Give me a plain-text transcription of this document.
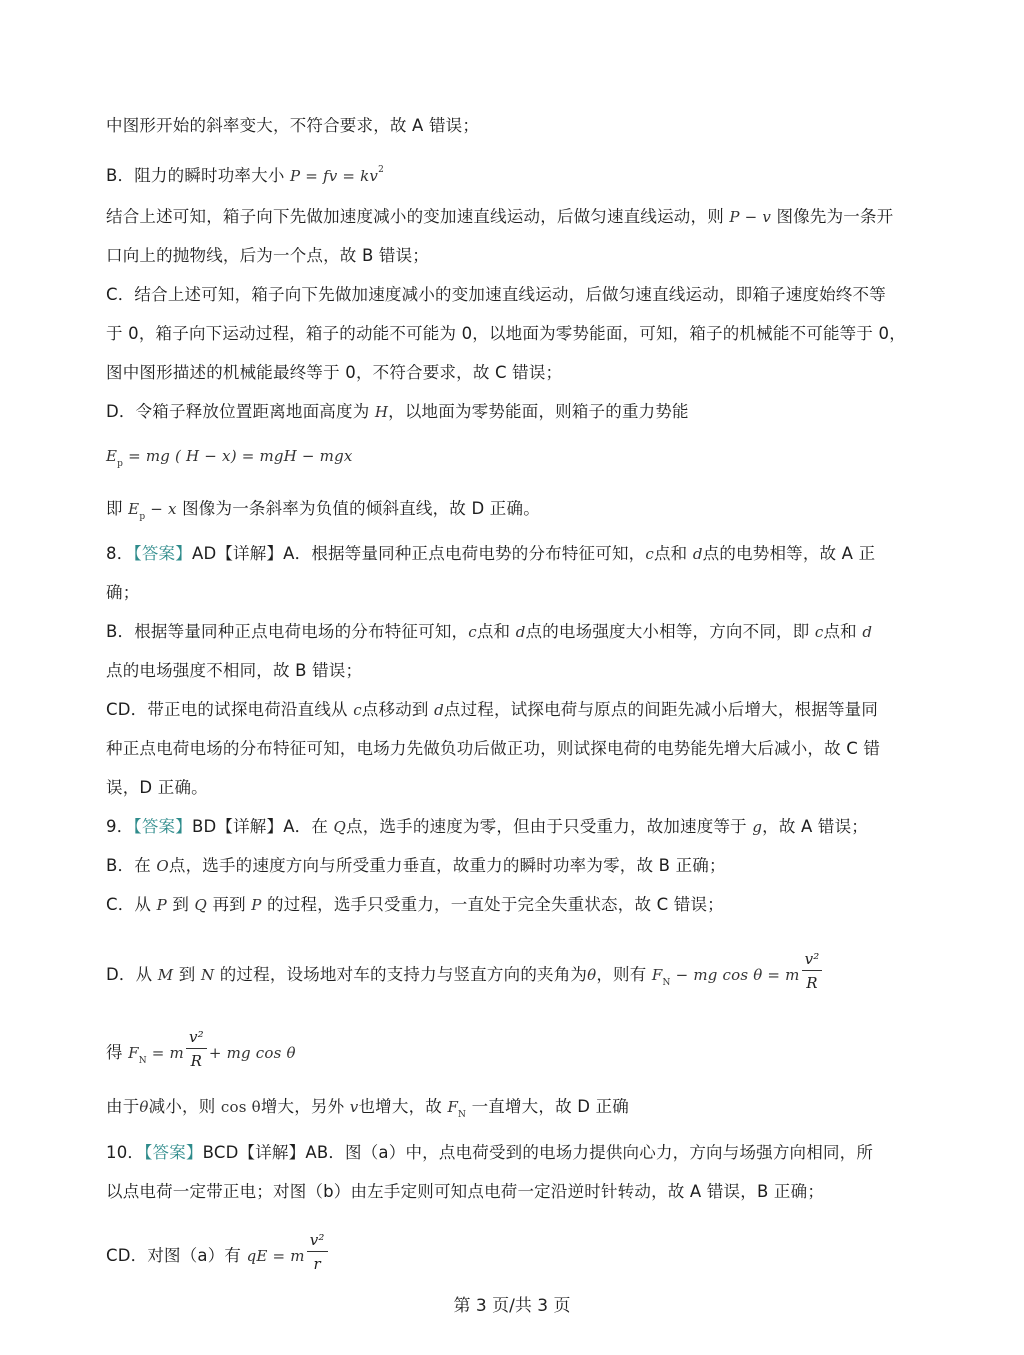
中图形开始的斜率变大，不符合要求，故 A 错误；
B．阻力的瞬时功率大小 P = fv = $kv^2$
结合上述可知，箱子向下先做加速度减小的变加速直线运动，后做匀速直线运动，则 P − v 图像先为一条开
口向上的抛物线，后为一个点，故 B 错误；
C．结合上述可知，箱子向下先做加速度减小的变加速直线运动，后做匀速直线运动，即箱子速度始终不等
于 0，箱子向下运动过程，箱子的动能不可能为 0，以地面为零势能面，可知，箱子的机械能不可能等于 0，
图中图形描述的机械能最终等于 0，不符合要求，故 C 错误；
D．令箱子释放位置距离地面高度为 H，以地面为零势能面，则箱子的重力势能
$E_p$ = mg ( H − x) = mgH − mgx
即 $E_p - x$ 图像为一条斜率为负值的倾斜直线，故 D 正确。
8．【答案】AD【详解】A．根据等量同种正点电荷电势的分布特征可知，c点和 d点的电势相等，故 A 正
确；
B．根据等量同种正点电荷电场的分布特征可知，c点和 d点的电场强度大小相等，方向不同，即 c点和 d
点的电场强度不相同，故 B 错误；
CD．带正电的试探电荷沿直线从 c点移动到 d点过程，试探电荷与原点的间距先减小后增大，根据等量同
种正点电荷电场的分布特征可知，电场力先做负功后做正功，则试探电荷的电势能先增大后减小，故 C 错
误，D 正确。
9．【答案】BD【详解】A．在 Q点，选手的速度为零，但由于只受重力，故加速度等于 g，故 A 错误；
B．在 O点，选手的速度方向与所受重力垂直，故重力的瞬时功率为零，故 B 正确；
C．从 P 到 Q 再到 P 的过程，选手只受重力，一直处于完全失重状态，故 C 错误；
D．从 M 到 N 的过程，设场地对车的支持力与竖直方向的夹角为θ，则有 $F_N$ − mg cos θ = m $\frac{\text{v²}}{R}$
得 $F_N = m \frac{\text{v²}}{R}$ + mg cos θ
由于θ减小，则 cos θ增大，另外 v也增大，故 $F_N$ 一直增大，故 D 正确
10．【答案】BCD【详解】AB．图（a）中，点电荷受到的电场力提供向心力，方向与场强方向相同，所
以点电荷一定带正电；对图（b）由左手定则可知点电荷一定沿逆时针转动，故 A 错误，B 正确；
CD．对图（a）有 qE = m $\frac{\text{v²}}{r}$
第 3 页/共 3 页
